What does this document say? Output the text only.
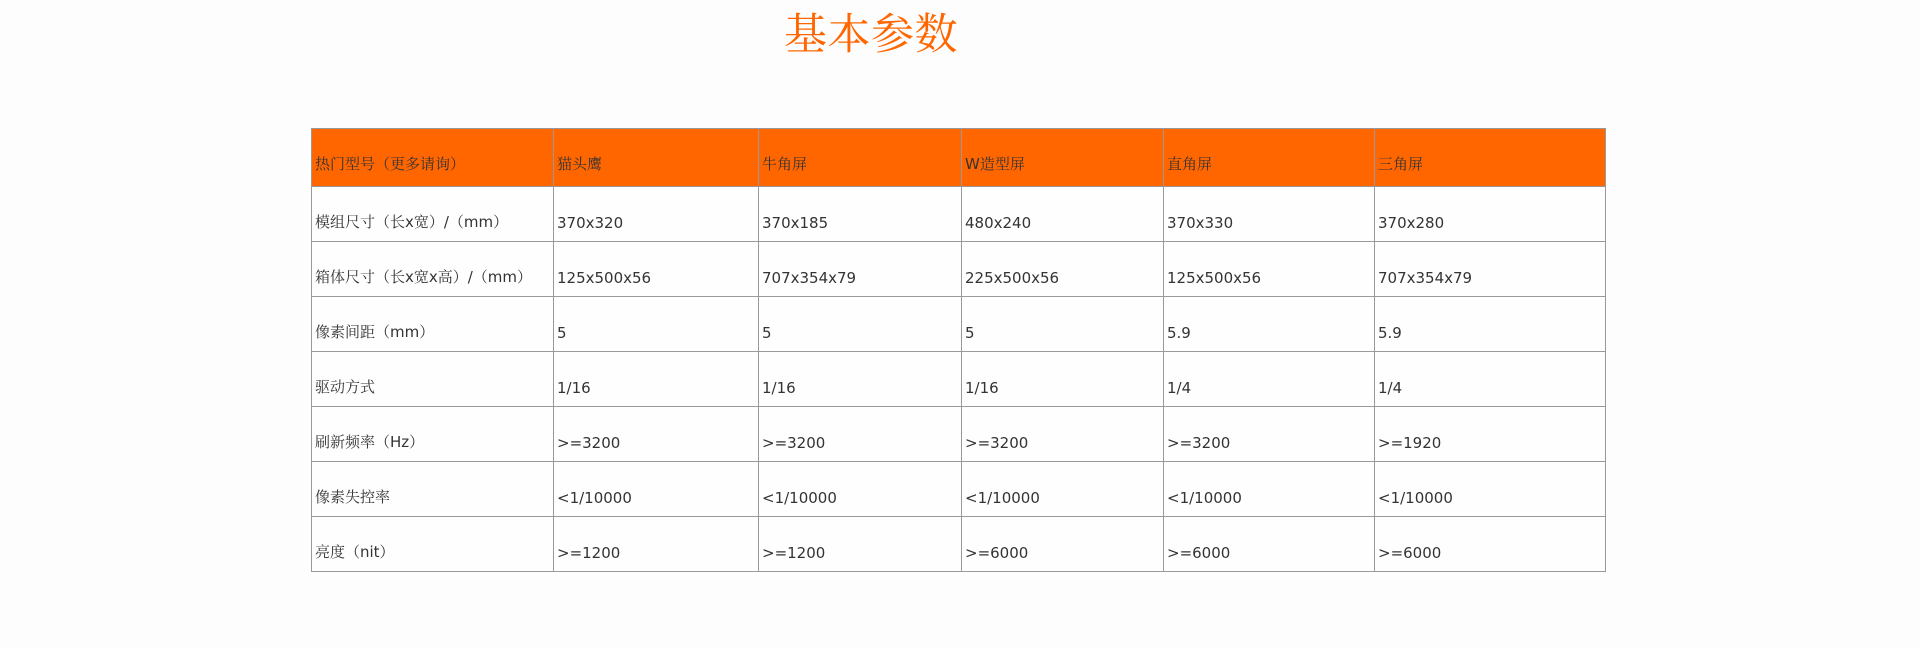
基本参数
热门型号（更多请询）	猫头鹰	牛角屏	W造型屏	直角屏	三角屏
模组尺寸（长x宽）/（mm）	370x320	370x185	480x240	370x330	370x280
箱体尺寸（长x宽x高）/（mm）	125x500x56	707x354x79	225x500x56	125x500x56	707x354x79
像素间距（mm）	5	5	5	5.9	5.9
驱动方式	1/16	1/16	1/16	1/4	1/4
刷新频率（Hz）	>=3200	>=3200	>=3200	>=3200	>=1920
像素失控率	<1/10000	<1/10000	<1/10000	<1/10000	<1/10000
亮度（nit）	>=1200	>=1200	>=6000	>=6000	>=6000
